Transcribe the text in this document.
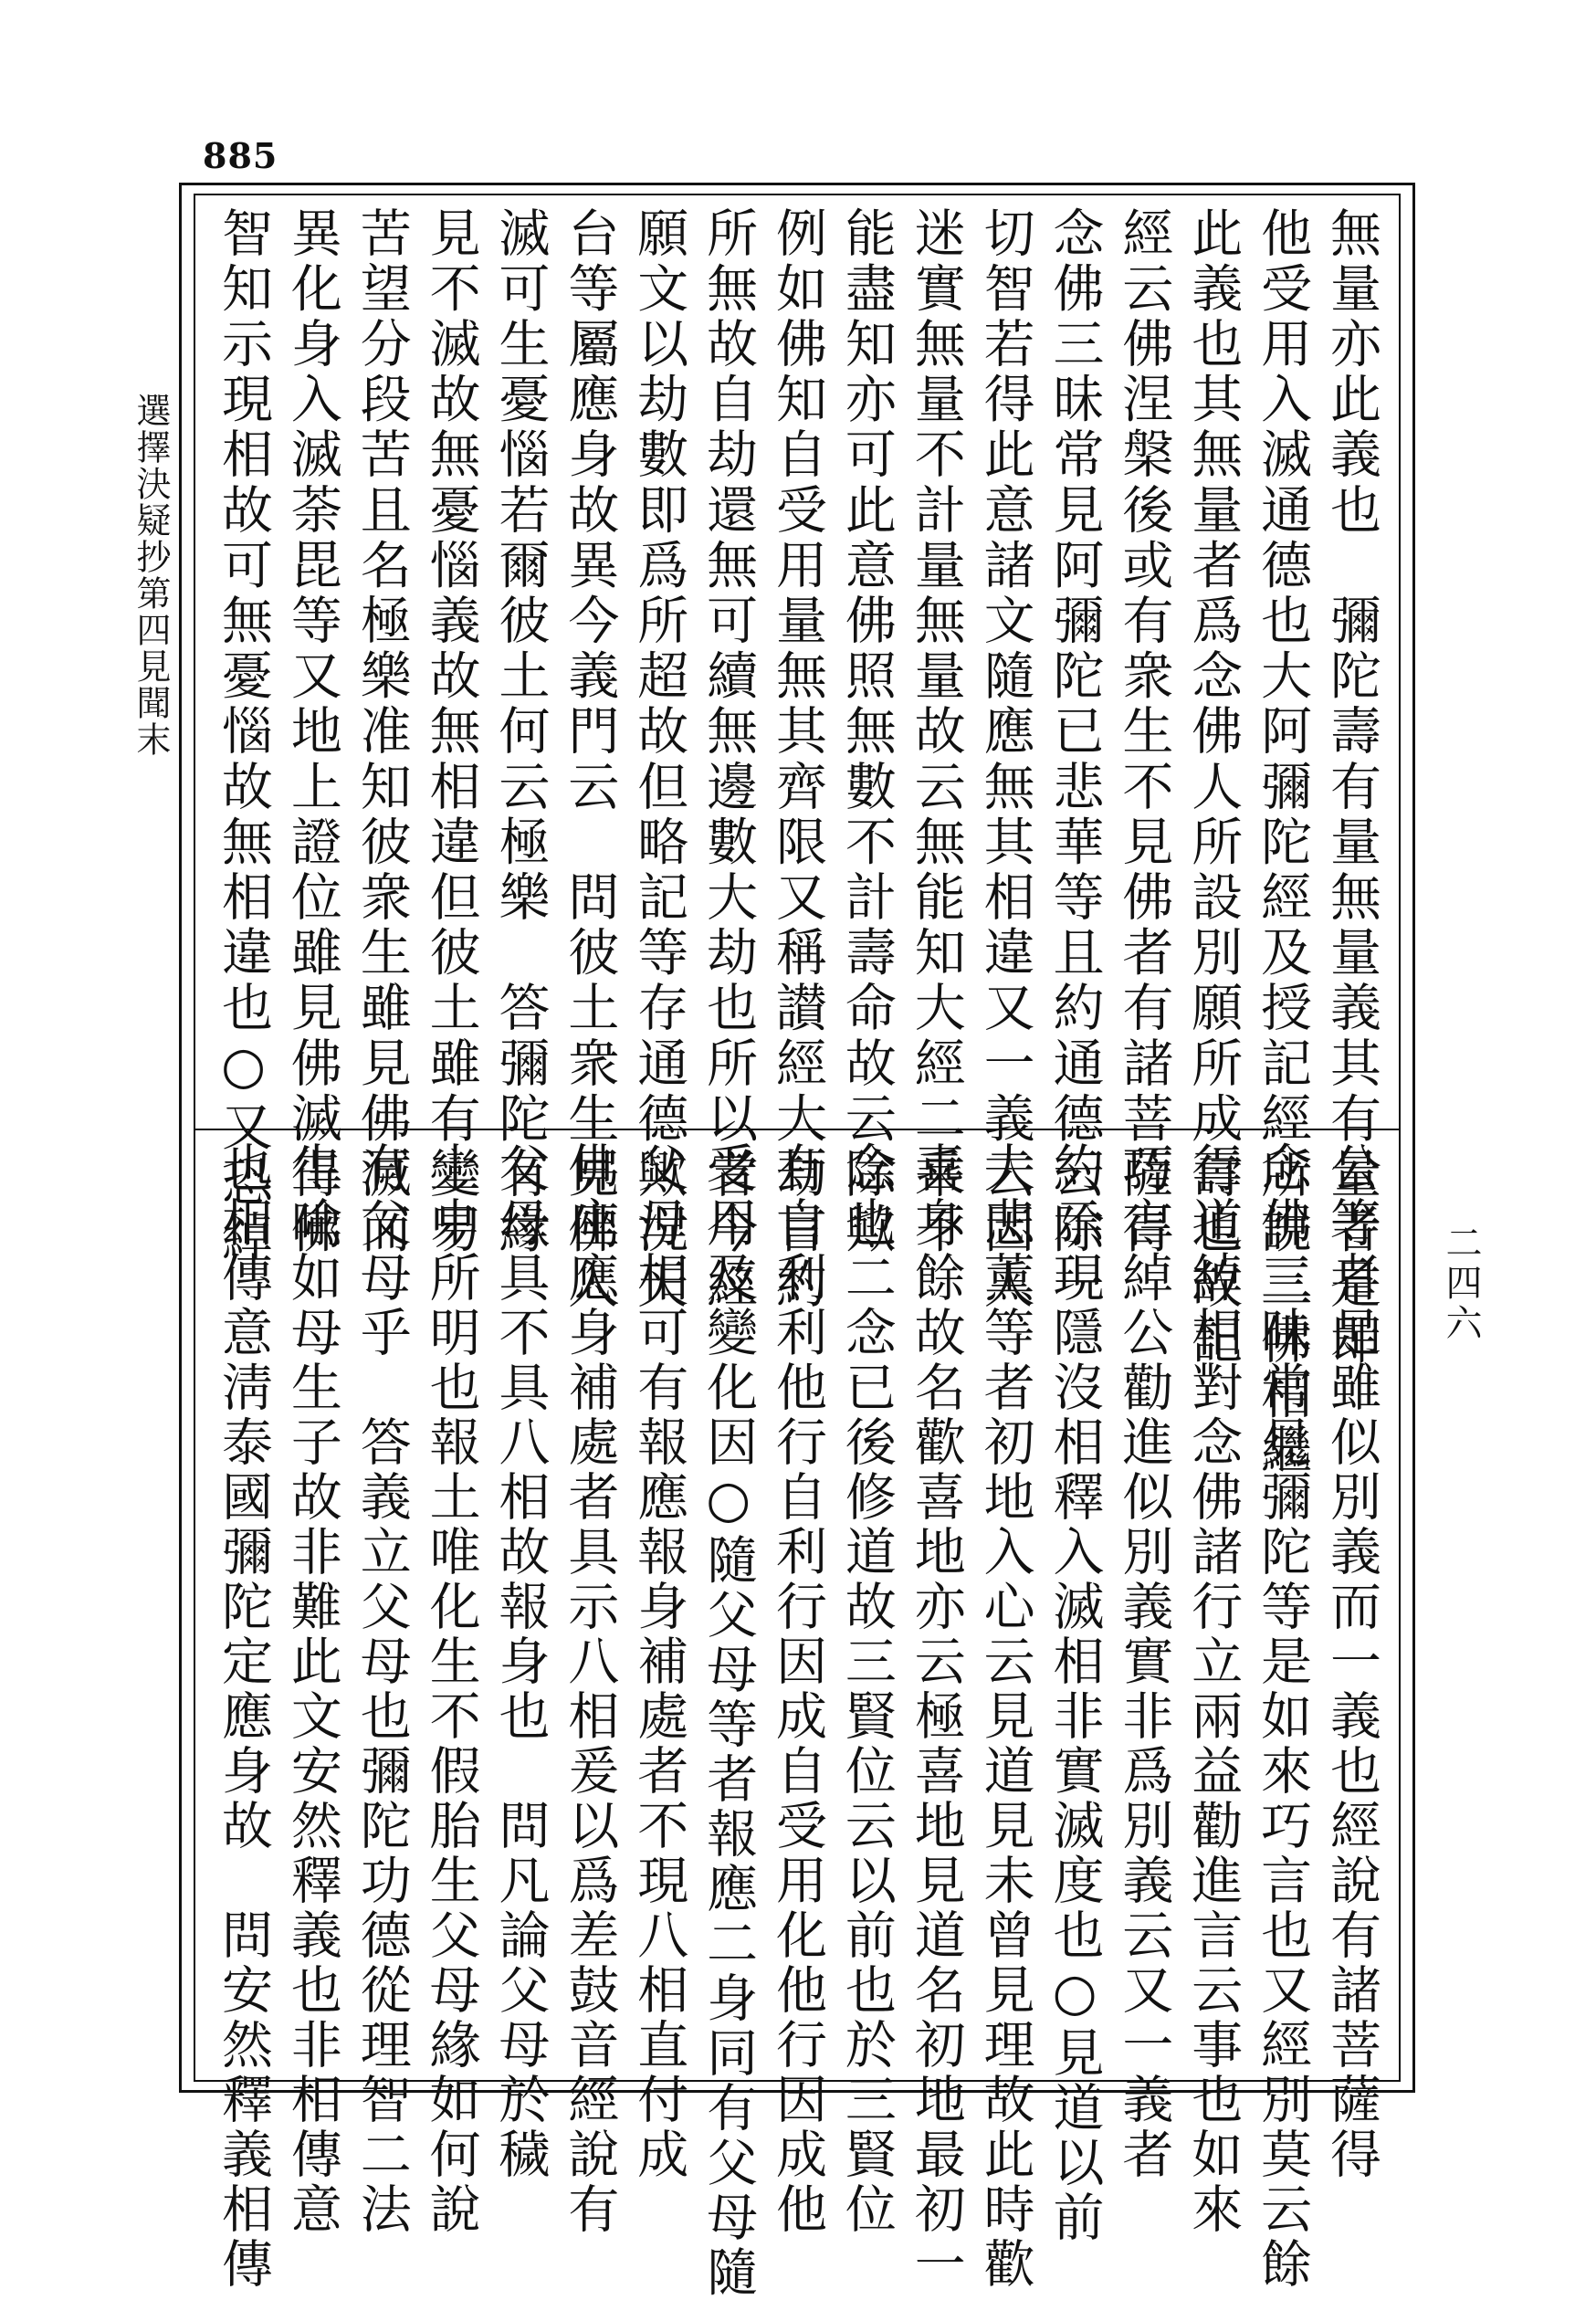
885
選擇決疑抄第四見聞末
二四六
無量亦此義也　彌陀壽有量無量義其有量者是即
他受用入滅通德也大阿彌陀經及授記經所說三佛相繼
此義也其無量者爲念佛人所設別願所成壽也故記
經云佛涅槃後或有衆生不見佛者有諸菩薩得
念佛三昧常見阿彌陀已悲華等且約通德云除一
切智若得此意諸文隨應無其相違又一義云因人
迷實無量不計量無量故云無能知大經二乘不
能盡知亦可此意佛照無數不計壽命故云除歟
例如佛知自受用量無其齊限又稱讃經大劫言約
所無故自劫還無可續無邊數大劫也所以者今經
願文以劫數即爲所超故但略記等存通德歟況天
台等屬應身故異今義門云　問彼土衆生見佛入
滅可生憂惱若爾彼土何云極樂　答彌陀有緣
見不滅故無憂惱義故無相違但彼土雖有變易
苦望分段苦且名極樂准知彼衆生雖見佛滅而
異化身入滅荼毘等又地上證位雖見佛滅得佛
智知示現相故可無憂惱故無相違也○又恐綽
公等者是雖似別義而一義也經說有諸菩薩得
念佛三昧常見彌陀等是如來巧言也又經別莫云餘
行道綽相對念佛諸行立兩益勸進言云事也如來
巧言綽公勸進似別義實非爲別義云又一義者
約示現隱沒相釋入滅相非實滅度也○見道以前
大悲薰等者初地入心云見道見未曾見理故此時歡
喜身餘故名歡喜地亦云極喜地見道名初地最初一
念也二念已後修道故三賢位云以前也於三賢位
有自利利他行自利行因成自受用化他行因成他
受用及變化因○隨父母等者報應二身同有父母隨
父母相可有報應報身補處者不現八相直付成
佛座應身補處者具示八相爰以爲差鼓音經說有
父母具不具八相故報身也　問凡論父母於穢
土中所明也報土唯化生不假胎生父母緣如何說
有父母乎　答義立父母也彌陀功德從理智二法
生喩如母生子故非難此文安然釋義也非相傳意
也相傳意淸泰國彌陀定應身故　問安然釋義相傳
